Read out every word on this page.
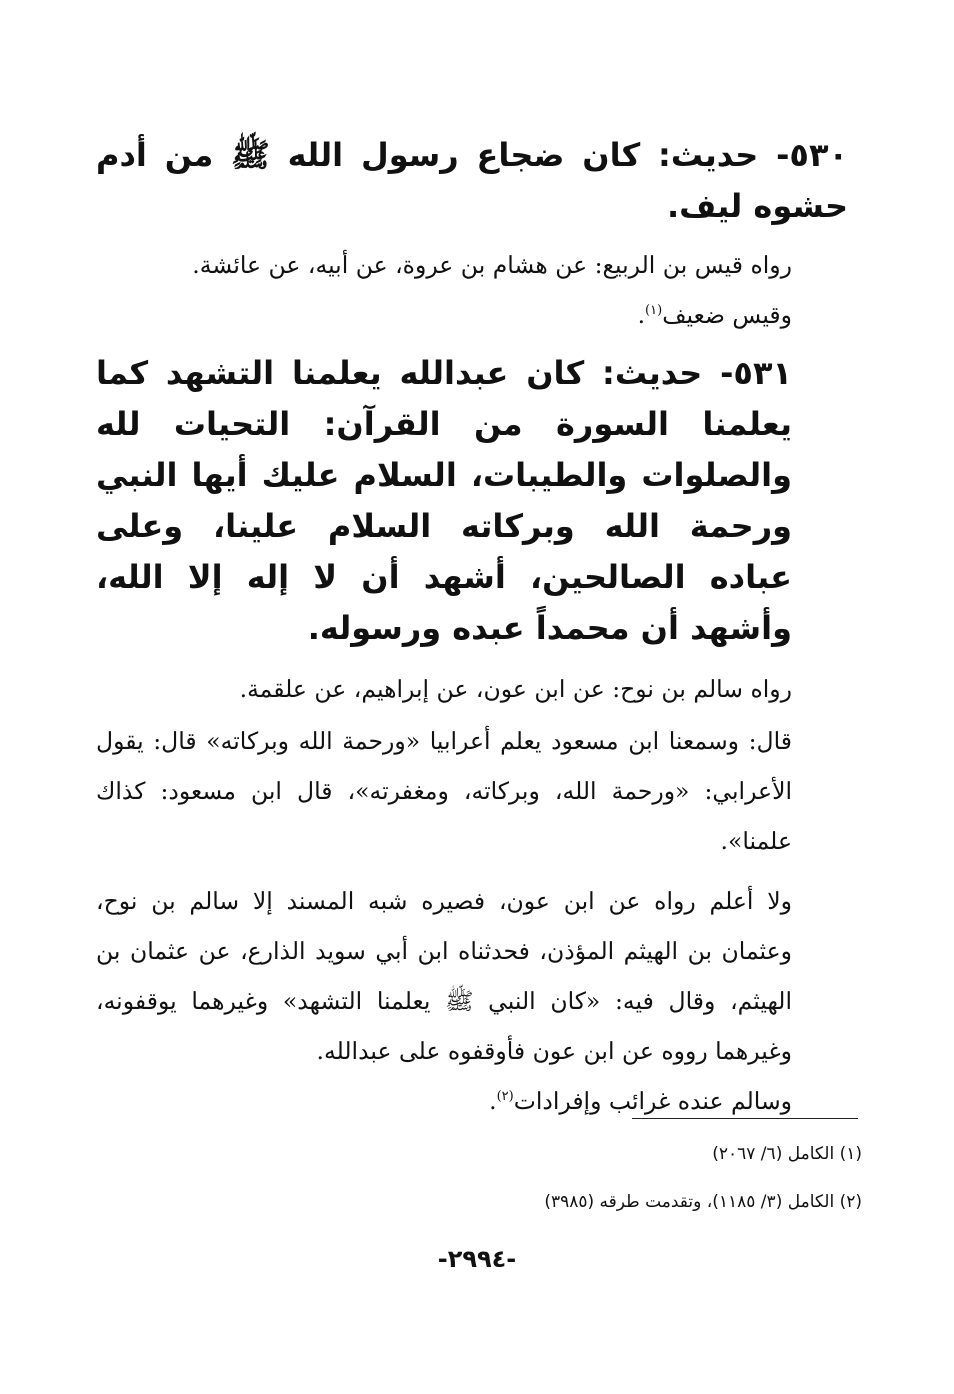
٥٣٠- حديث: كان ضجاع رسول الله ﷺ من أدم حشوه ليف.

رواه قيس بن الربيع: عن هشام بن عروة، عن أبيه، عن عائشة.
وقيس ضعيف$^{(١)}$.

٥٣١- حديث: كان عبدالله يعلمنا التشهد كما يعلمنا السورة من القرآن: التحيات لله والصلوات والطيبات، السلام عليك أيها النبي ورحمة الله وبركاته السلام علينا، وعلى عباده الصالحين، أشهد أن لا إله إلا الله، وأشهد أن محمداً عبده ورسوله.

رواه سالم بن نوح: عن ابن عون، عن إبراهيم، عن علقمة.

قال: وسمعنا ابن مسعود يعلم أعرابيا «ورحمة الله وبركاته» قال: يقول الأعرابي: «ورحمة الله، وبركاته، ومغفرته»، قال ابن مسعود: كذاك علمنا».

ولا أعلم رواه عن ابن عون، فصيره شبه المسند إلا سالم بن نوح، وعثمان بن الهيثم المؤذن، فحدثناه ابن أبي سويد الذارع، عن عثمان بن الهيثم، وقال فيه: «كان النبي ﷺ يعلمنا التشهد» وغيرهما يوقفونه، وغيرهما رووه عن ابن عون فأوقفوه على عبدالله.

وسالم عنده غرائب وإفرادات$^{(٢)}$.

(١) الكامل (٦/ ٢٠٦٧)

(٢) الكامل (٣/ ١١٨٥)، وتقدمت طرقه (٣٩٨٥)

-٢٩٩٤-
